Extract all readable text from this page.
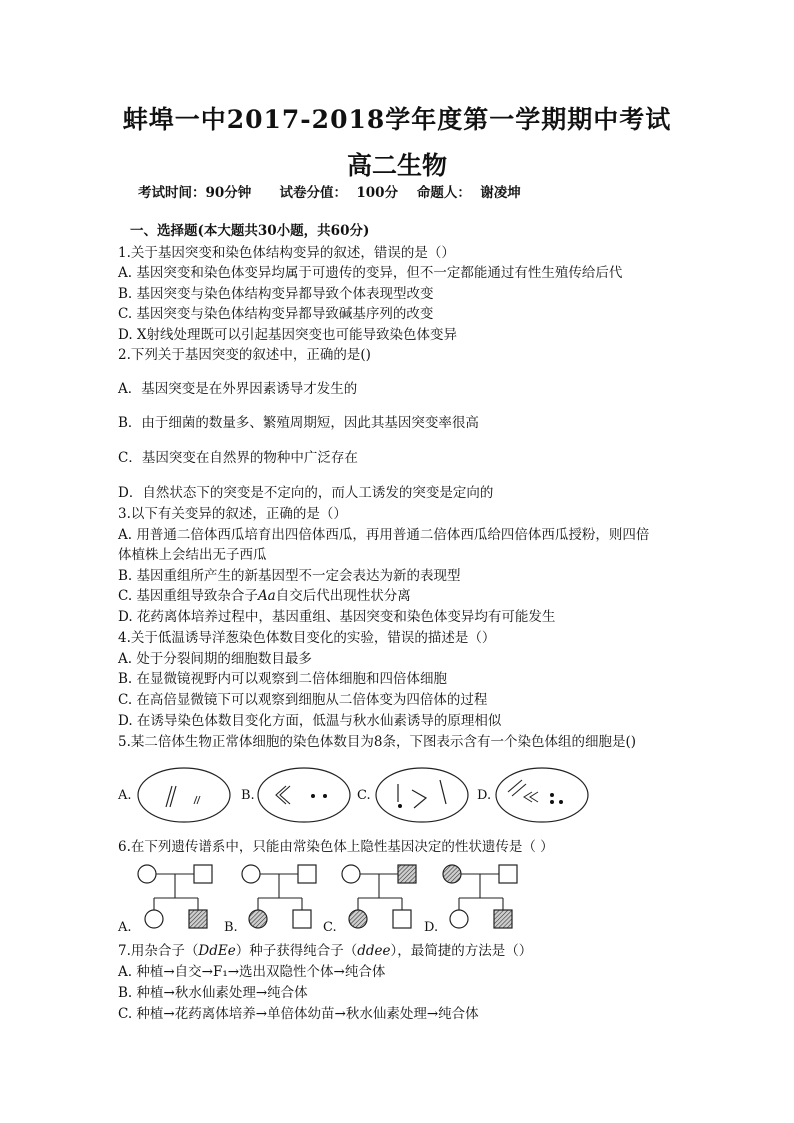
蚌埠一中2017-2018学年度第一学期期中考试
高二生物
考试时间：90分钟      试卷分值：  100分    命题人：  谢凌坤
一、选择题(本大题共30小题，共60分)
1.关于基因突变和染色体结构变异的叙述，错误的是（）
A. 基因突变和染色体变异均属于可遗传的变异，但不一定都能通过有性生殖传给后代
B. 基因突变与染色体结构变异都导致个体表现型改变
C. 基因突变与染色体结构变异都导致碱基序列的改变
D. X射线处理既可以引起基因突变也可能导致染色体变异
2.下列关于基因突变的叙述中，正确的是()
A．基因突变是在外界因素诱导才发生的
B．由于细菌的数量多、繁殖周期短，因此其基因突变率很高
C．基因突变在自然界的物种中广泛存在
D．自然状态下的突变是不定向的，而人工诱发的突变是定向的
3.以下有关变异的叙述，正确的是（）
A. 用普通二倍体西瓜培育出四倍体西瓜，再用普通二倍体西瓜给四倍体西瓜授粉，则四倍
体植株上会结出无子西瓜
B. 基因重组所产生的新基因型不一定会表达为新的表现型
C. 基因重组导致杂合子Aa自交后代出现性状分离
D. 花药离体培养过程中，基因重组、基因突变和染色体变异均有可能发生
4.关于低温诱导洋葱染色体数目变化的实验，错误的描述是（）
A. 处于分裂间期的细胞数目最多
B. 在显微镜视野内可以观察到二倍体细胞和四倍体细胞
C. 在高倍显微镜下可以观察到细胞从二倍体变为四倍体的过程
D. 在诱导染色体数目变化方面，低温与秋水仙素诱导的原理相似
5.某二倍体生物正常体细胞的染色体数目为8条，下图表示含有一个染色体组的细胞是()
A.	B.	C.	D.
6.在下列遗传谱系中，只能由常染色体上隐性基因决定的性状遗传是（ ）
A.	B.	C.	D.
7.用杂合子（DdEe）种子获得纯合子（ddee），最简捷的方法是（）
A. 种植→自交→F₁→选出双隐性个体→纯合体
B. 种植→秋水仙素处理→纯合体
C. 种植→花药离体培养→单倍体幼苗→秋水仙素处理→纯合体
